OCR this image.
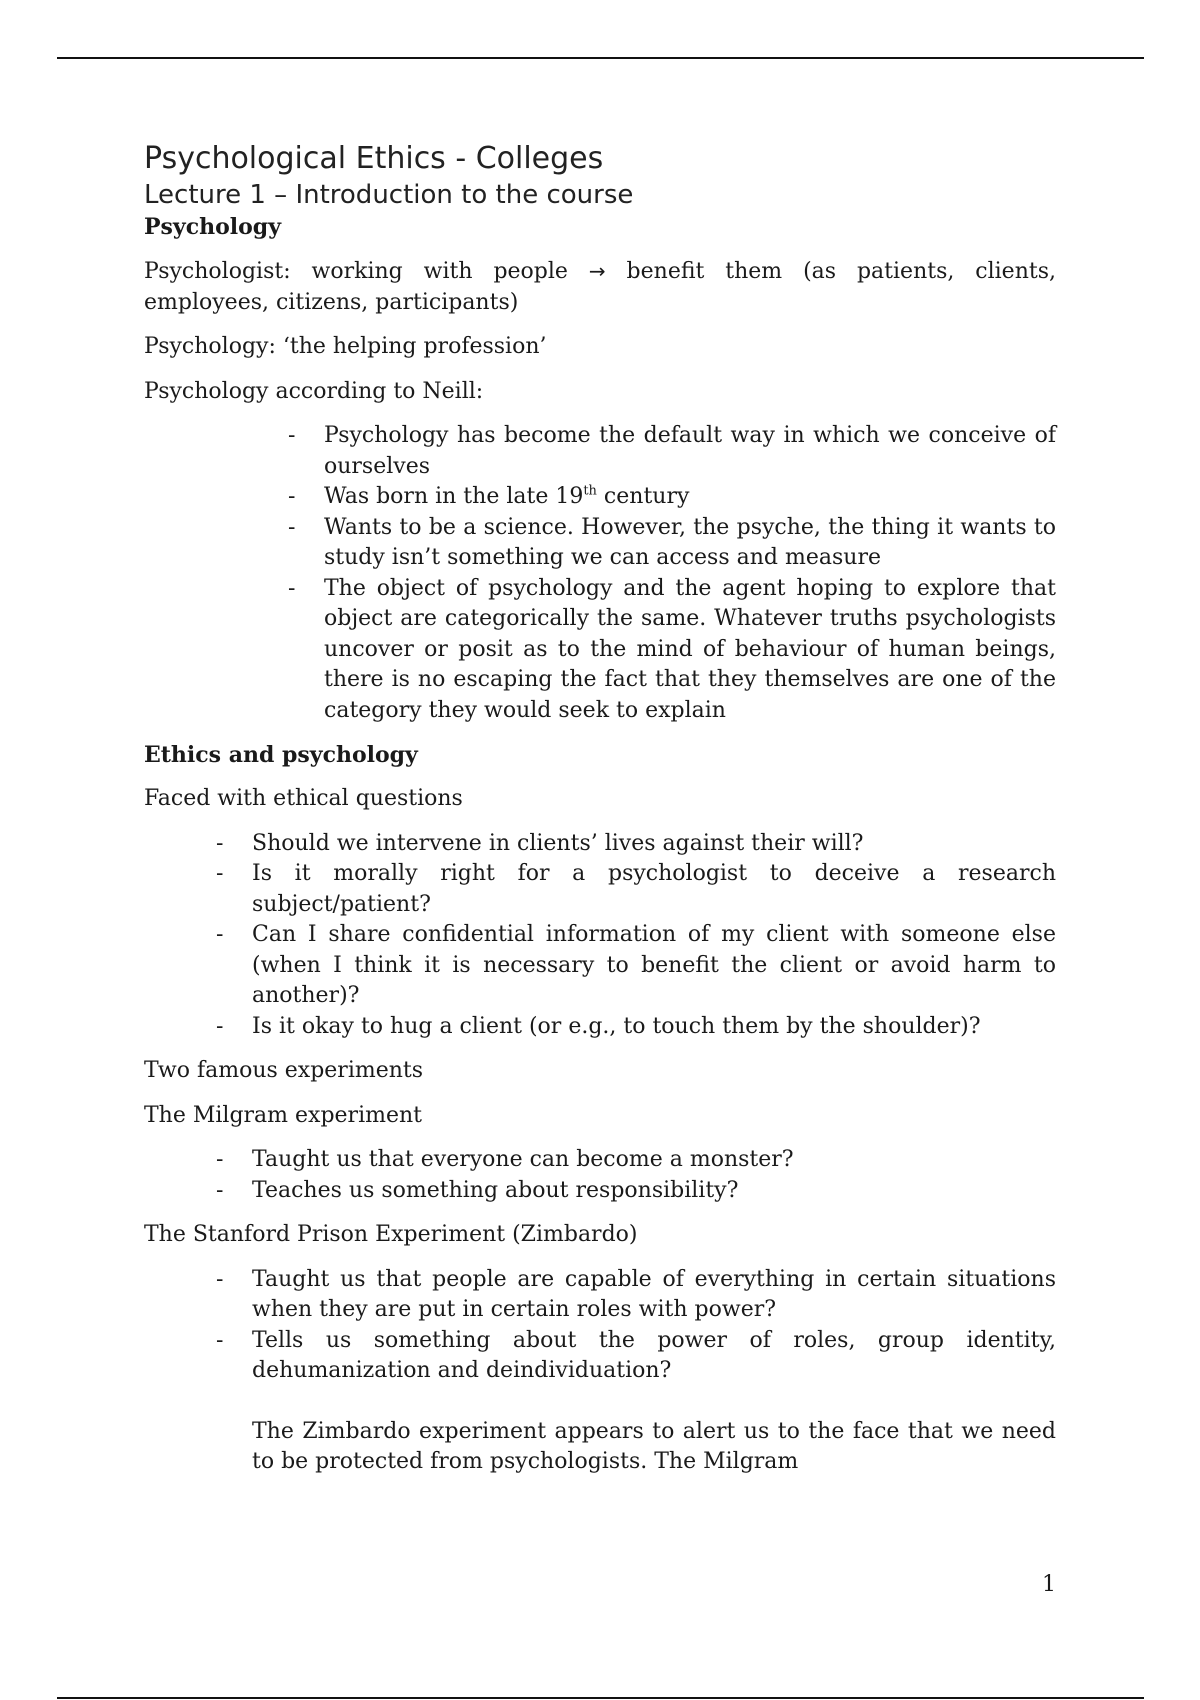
Psychological Ethics - Colleges
Lecture 1 – Introduction to the course
Psychology

Psychologist: working with people → benefit them (as patients, clients, employees, citizens, participants)

Psychology: ‘the helping profession’

Psychology according to Neill:

- Psychology has become the default way in which we conceive of ourselves
- Was born in the late 19th century
- Wants to be a science. However, the psyche, the thing it wants to study isn’t something we can access and measure
- The object of psychology and the agent hoping to explore that object are categorically the same. Whatever truths psychologists uncover or posit as to the mind of behaviour of human beings, there is no escaping the fact that they themselves are one of the category they would seek to explain
Ethics and psychology

Faced with ethical questions

- Should we intervene in clients’ lives against their will?
- Is it morally right for a psychologist to deceive a research subject/patient?
- Can I share confidential information of my client with someone else (when I think it is necessary to benefit the client or avoid harm to another)?
- Is it okay to hug a client (or e.g., to touch them by the shoulder)?

Two famous experiments

The Milgram experiment

- Taught us that everyone can become a monster?
- Teaches us something about responsibility?

The Stanford Prison Experiment (Zimbardo)

- Taught us that people are capable of everything in certain situations when they are put in certain roles with power?
- Tells us something about the power of roles, group identity, dehumanization and deindividuation?

The Zimbardo experiment appears to alert us to the face that we need to be protected from psychologists. The Milgram

1
